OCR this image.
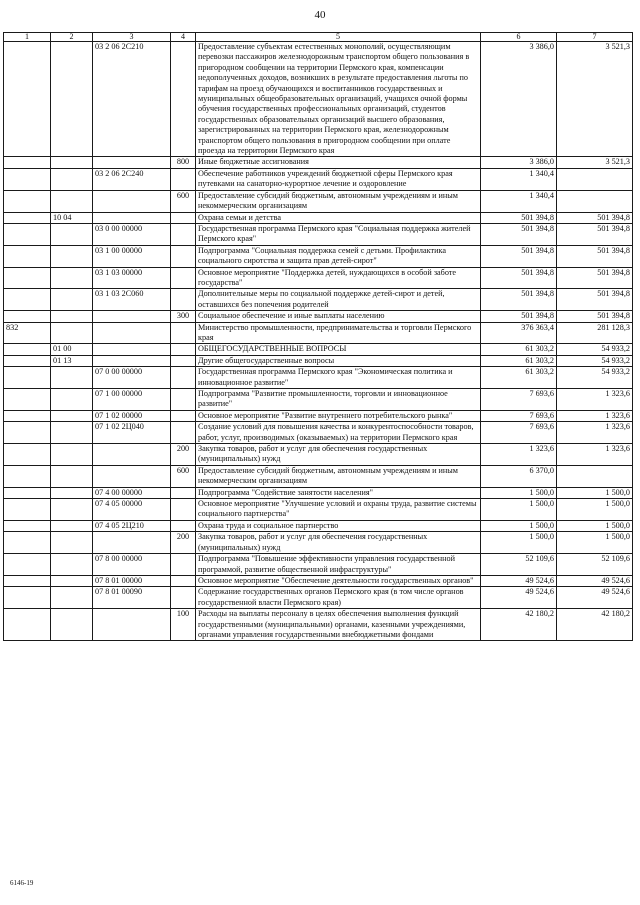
40
1	2	3	4	5	6	7
		03 2 06 2С210		Предоставление субъектам естественных монополий, осуществляющим перевозки пассажиров железнодорожным транспортом общего пользования в пригородном сообщении на территории Пермского края, компенсации недополученных доходов, возникших в результате предоставления льготы по тарифам на проезд обучающихся и воспитанников государственных и муниципальных общеобразовательных организаций, учащихся очной формы обучения государственных профессиональных организаций, студентов государственных образовательных организаций высшего образования, зарегистрированных на территории Пермского края, железнодорожным транспортом общего пользования в пригородном сообщении при оплате проезда на территории Пермского края	3 386,0	3 521,3
			800	Иные бюджетные ассигнования	3 386,0	3 521,3
		03 2 06 2С240		Обеспечение работников учреждений бюджетной сферы Пермского края путевками на санаторно-курортное лечение и оздоровление	1 340,4	
			600	Предоставление субсидий бюджетным, автономным учреждениям и иным некоммерческим организациям	1 340,4	
	10 04			Охрана семьи и детства	501 394,8	501 394,8
		03 0 00 00000		Государственная программа Пермского края "Социальная поддержка жителей Пермского края"	501 394,8	501 394,8
		03 1 00 00000		Подпрограмма "Социальная поддержка семей с детьми. Профилактика социального сиротства и защита прав детей-сирот"	501 394,8	501 394,8
		03 1 03 00000		Основное мероприятие "Поддержка детей, нуждающихся в особой заботе государства"	501 394,8	501 394,8
		03 1 03 2С060		Дополнительные меры по социальной поддержке детей-сирот и детей, оставшихся без попечения родителей	501 394,8	501 394,8
			300	Социальное обеспечение и иные выплаты населению	501 394,8	501 394,8
832				Министерство промышленности, предпринимательства и торговли Пермского края	376 363,4	281 128,3
	01 00			ОБЩЕГОСУДАРСТВЕННЫЕ ВОПРОСЫ	61 303,2	54 933,2
	01 13			Другие общегосударственные вопросы	61 303,2	54 933,2
		07 0 00 00000		Государственная программа Пермского края "Экономическая политика и инновационное развитие"	61 303,2	54 933,2
		07 1 00 00000		Подпрограмма "Развитие промышленности, торговли и инновационное развитие"	7 693,6	1 323,6
		07 1 02 00000		Основное мероприятие "Развитие внутреннего потребительского рынка"	7 693,6	1 323,6
		07 1 02 2Ц040		Создание условий для повышения качества и конкурентоспособности товаров, работ, услуг, производимых (оказываемых) на территории Пермского края	7 693,6	1 323,6
			200	Закупка товаров, работ и услуг для обеспечения государственных (муниципальных) нужд	1 323,6	1 323,6
			600	Предоставление субсидий бюджетным, автономным учреждениям и иным некоммерческим организациям	6 370,0	
		07 4 00 00000		Подпрограмма "Содействие занятости населения"	1 500,0	1 500,0
		07 4 05 00000		Основное мероприятие "Улучшение условий и охраны труда, развитие системы социального партнерства"	1 500,0	1 500,0
		07 4 05 2Ц210		Охрана труда и социальное партнерство	1 500,0	1 500,0
			200	Закупка товаров, работ и услуг для обеспечения государственных (муниципальных) нужд	1 500,0	1 500,0
		07 8 00 00000		Подпрограмма "Повышение эффективности управления государственной программой, развитие общественной инфраструктуры"	52 109,6	52 109,6
		07 8 01 00000		Основное мероприятие "Обеспечение деятельности государственных органов"	49 524,6	49 524,6
		07 8 01 00090		Содержание государственных органов Пермского края (в том числе органов государственной власти Пермского края)	49 524,6	49 524,6
			100	Расходы на выплаты персоналу в целях обеспечения выполнения функций государственными (муниципальными) органами, казенными учреждениями, органами управления государственными внебюджетными фондами	42 180,2	42 180,2
6146-19
